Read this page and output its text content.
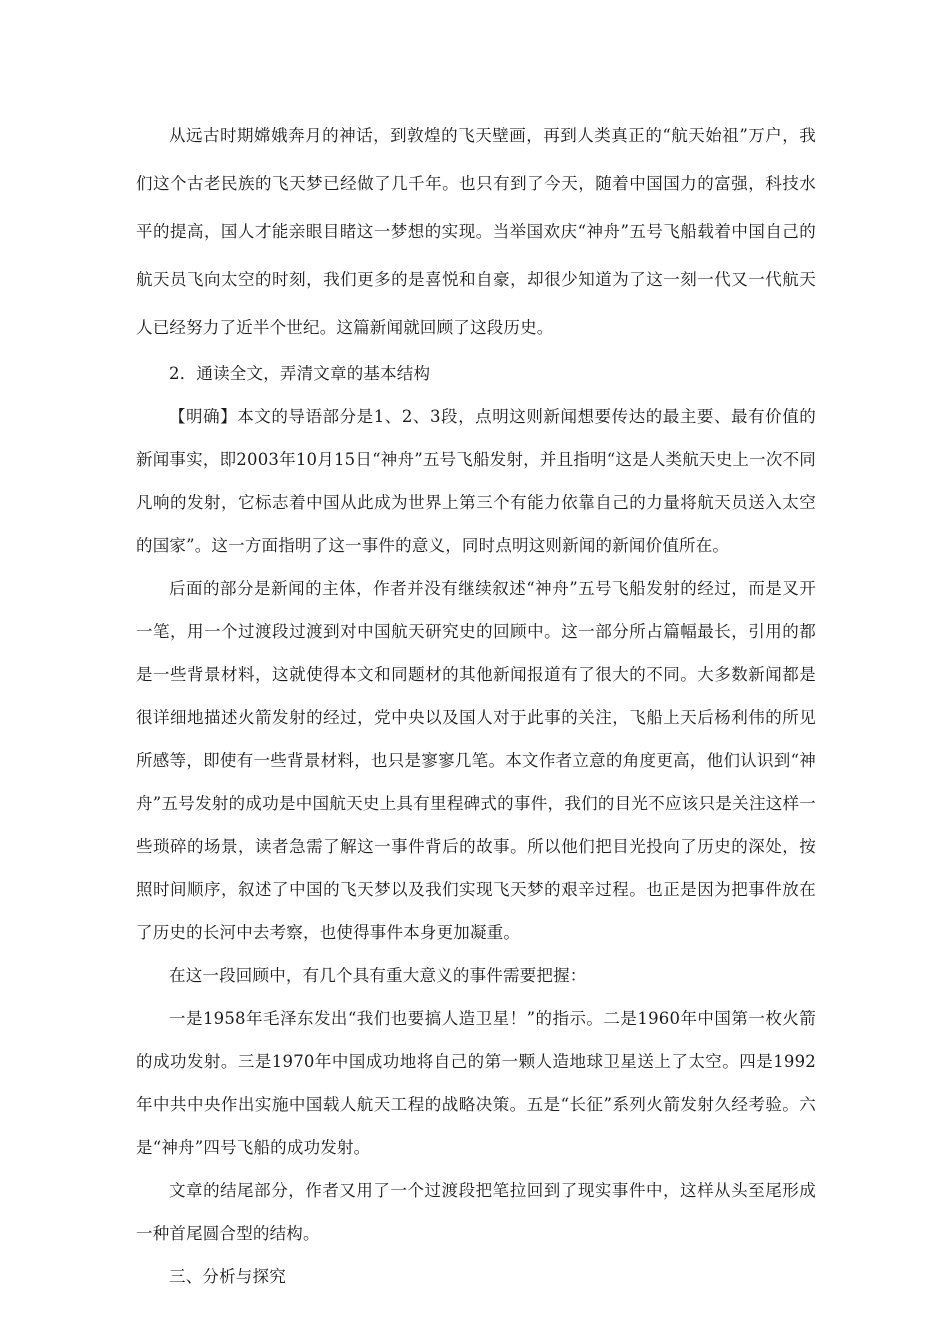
从远古时期嫦娥奔月的神话，到敦煌的飞天壁画，再到人类真正的“航天始祖”万户，我们这个古老民族的飞天梦已经做了几千年。也只有到了今天，随着中国国力的富强，科技水平的提高，国人才能亲眼目睹这一梦想的实现。当举国欢庆“神舟”五号飞船载着中国自己的航天员飞向太空的时刻，我们更多的是喜悦和自豪，却很少知道为了这一刻一代又一代航天人已经努力了近半个世纪。这篇新闻就回顾了这段历史。

2．通读全文，弄清文章的基本结构

【明确】本文的导语部分是1、2、3段，点明这则新闻想要传达的最主要、最有价值的新闻事实，即2003年10月15日“神舟”五号飞船发射，并且指明“这是人类航天史上一次不同凡响的发射，它标志着中国从此成为世界上第三个有能力依靠自己的力量将航天员送入太空的国家”。这一方面指明了这一事件的意义，同时点明这则新闻的新闻价值所在。

后面的部分是新闻的主体，作者并没有继续叙述“神舟”五号飞船发射的经过，而是叉开一笔，用一个过渡段过渡到对中国航天研究史的回顾中。这一部分所占篇幅最长，引用的都是一些背景材料，这就使得本文和同题材的其他新闻报道有了很大的不同。大多数新闻都是很详细地描述火箭发射的经过，党中央以及国人对于此事的关注，飞船上天后杨利伟的所见所感等，即使有一些背景材料，也只是寥寥几笔。本文作者立意的角度更高，他们认识到“神舟”五号发射的成功是中国航天史上具有里程碑式的事件，我们的目光不应该只是关注这样一些琐碎的场景，读者急需了解这一事件背后的故事。所以他们把目光投向了历史的深处，按照时间顺序，叙述了中国的飞天梦以及我们实现飞天梦的艰辛过程。也正是因为把事件放在了历史的长河中去考察，也使得事件本身更加凝重。

在这一段回顾中，有几个具有重大意义的事件需要把握：

一是1958年毛泽东发出“我们也要搞人造卫星！”的指示。二是1960年中国第一枚火箭的成功发射。三是1970年中国成功地将自己的第一颗人造地球卫星送上了太空。四是1992年中共中央作出实施中国载人航天工程的战略决策。五是“长征”系列火箭发射久经考验。六是“神舟”四号飞船的成功发射。

文章的结尾部分，作者又用了一个过渡段把笔拉回到了现实事件中，这样从头至尾形成一种首尾圆合型的结构。

三、分析与探究
